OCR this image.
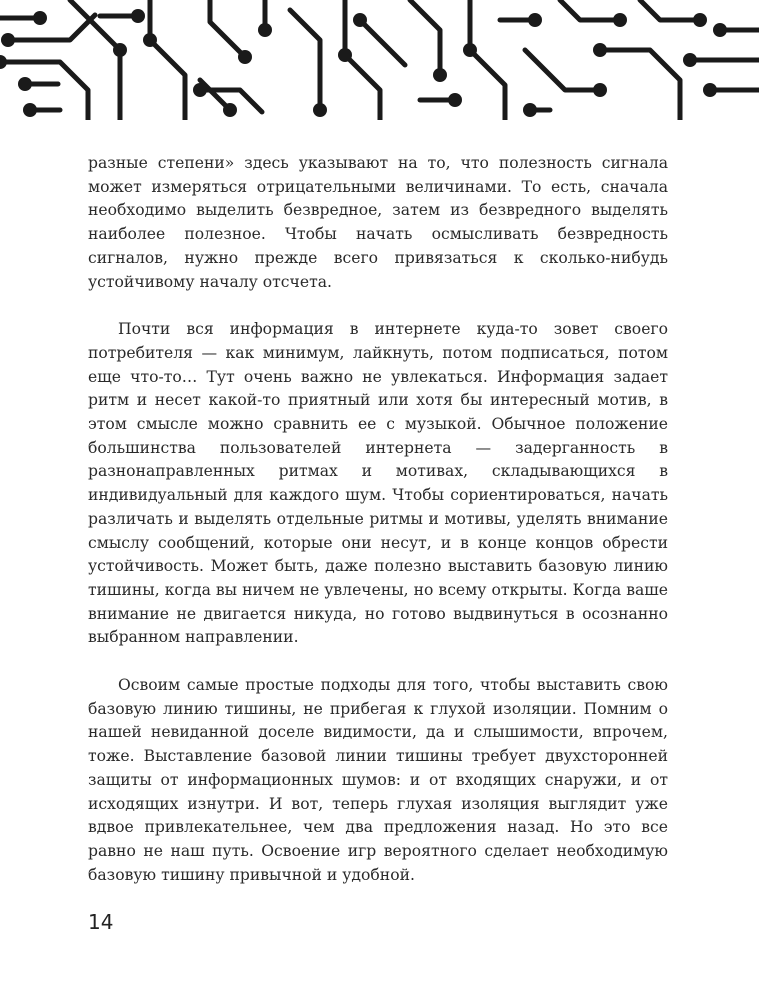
разные степени» здесь указывают на то, что полезность сигнала может измеряться отрицательными величинами. То есть, сначала необходимо выделить безвредное, затем из безвредного выделять наиболее полезное. Чтобы начать осмысливать безвредность сигналов, нужно прежде всего привязаться к сколько-нибудь устойчивому началу отсчета.

Почти вся информация в интернете куда-то зовет своего потребителя — как минимум, лайкнуть, потом подписаться, потом еще что-то… Тут очень важно не увлекаться. Информация задает ритм и несет какой-то приятный или хотя бы интересный мотив, в этом смысле можно сравнить ее с музыкой. Обычное положение большинства пользователей интернета — задерганность в разнонаправленных ритмах и мотивах, складывающихся в индивидуальный для каждого шум. Чтобы сориентироваться, начать различать и выделять отдельные ритмы и мотивы, уделять внимание смыслу сообщений, которые они несут, и в конце концов обрести устойчивость. Может быть, даже полезно выставить базовую линию тишины, когда вы ничем не увлечены, но всему открыты. Когда ваше внимание не двигается никуда, но готово выдвинуться в осознанно выбранном направлении.

Освоим самые простые подходы для того, чтобы выставить свою базовую линию тишины, не прибегая к глухой изоляции. Помним о нашей невиданной доселе видимости, да и слышимости, впрочем, тоже. Выставление базовой линии тишины требует двухсторонней защиты от информационных шумов: и от входящих снаружи, и от исходящих изнутри. И вот, теперь глухая изоляция выглядит уже вдвое привлекательнее, чем два предложения назад. Но это все равно не наш путь. Освоение игр вероятного сделает необходимую базовую тишину привычной и удобной.

14
